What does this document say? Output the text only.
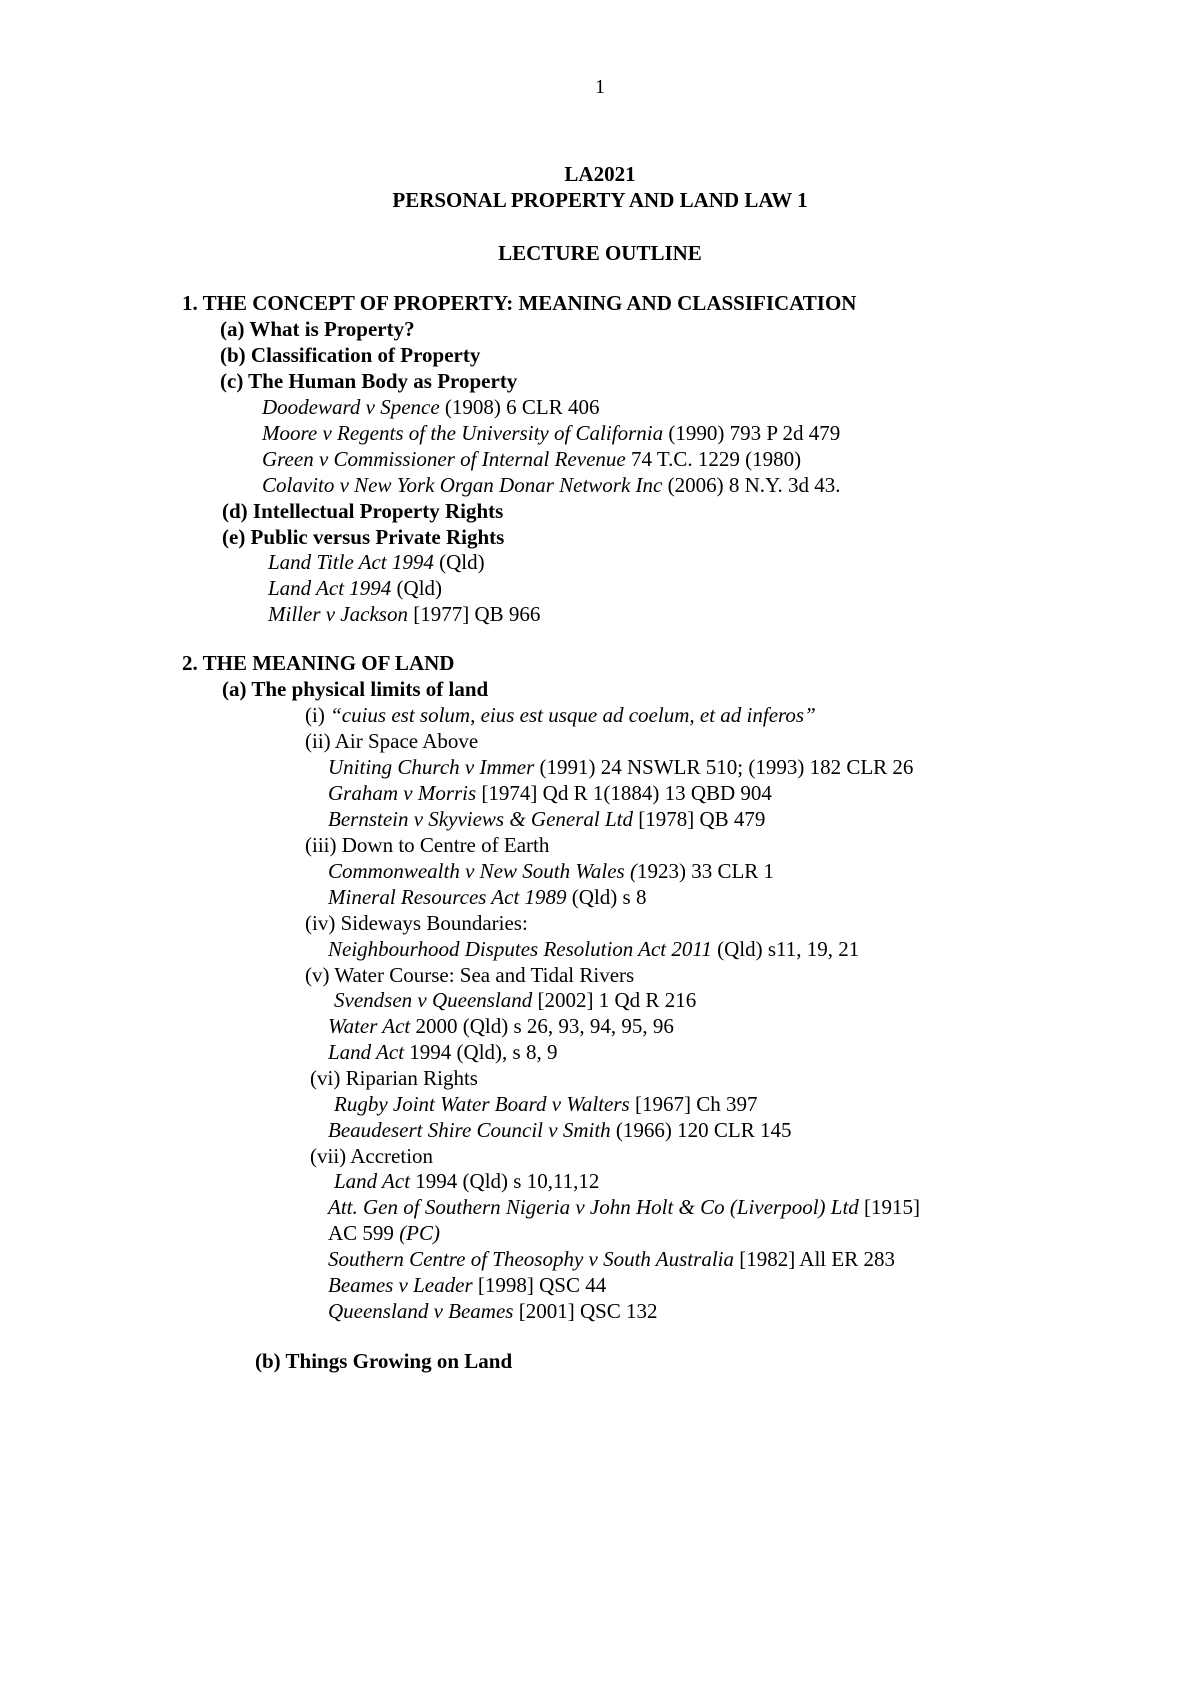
1
LA2021
PERSONAL PROPERTY AND LAND LAW 1
LECTURE OUTLINE
1. THE CONCEPT OF PROPERTY: MEANING AND CLASSIFICATION
(a) What is Property?
(b) Classification of Property
(c) The Human Body as Property
Doodeward v Spence (1908) 6 CLR 406
Moore v Regents of the University of California (1990) 793 P 2d 479
Green v Commissioner of Internal Revenue 74 T.C. 1229 (1980)
Colavito v New York Organ Donar Network Inc (2006) 8 N.Y. 3d 43.
(d) Intellectual Property Rights
(e) Public versus Private Rights
Land Title Act 1994 (Qld)
Land Act 1994 (Qld)
Miller v Jackson [1977] QB 966
2. THE MEANING OF LAND
(a) The physical limits of land
(i) “cuius est solum, eius est usque ad coelum, et ad inferos”
(ii) Air Space Above
Uniting Church v Immer (1991) 24 NSWLR 510; (1993) 182 CLR 26
Graham v Morris [1974] Qd R 1(1884) 13 QBD 904
Bernstein v Skyviews & General Ltd [1978] QB 479
(iii) Down to Centre of Earth
Commonwealth v New South Wales (1923) 33 CLR 1
Mineral Resources Act 1989 (Qld) s 8
(iv) Sideways Boundaries:
Neighbourhood Disputes Resolution Act 2011 (Qld) s11, 19, 21
(v) Water Course: Sea and Tidal Rivers
Svendsen v Queensland [2002] 1 Qd R 216
Water Act 2000 (Qld) s 26, 93, 94, 95, 96
Land Act 1994 (Qld), s 8, 9
(vi) Riparian Rights
Rugby Joint Water Board v Walters [1967] Ch 397
Beaudesert Shire Council v Smith (1966) 120 CLR 145
(vii) Accretion
Land Act 1994 (Qld) s 10,11,12
Att. Gen of Southern Nigeria v John Holt & Co (Liverpool) Ltd [1915]
AC 599 (PC)
Southern Centre of Theosophy v South Australia [1982] All ER 283
Beames v Leader [1998] QSC 44
Queensland v Beames [2001] QSC 132
(b) Things Growing on Land
